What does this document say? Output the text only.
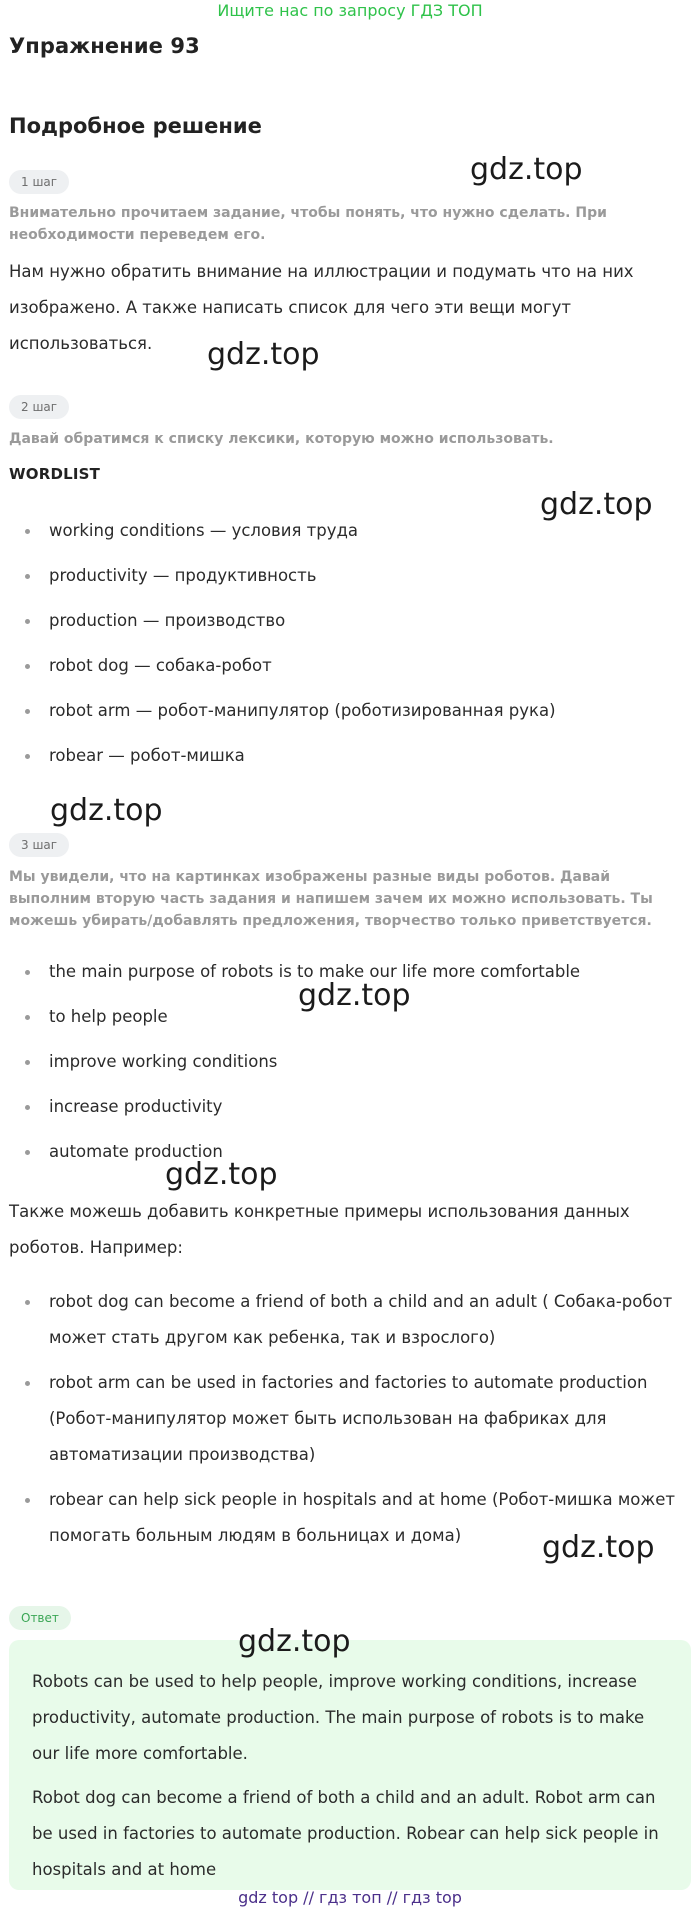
Ищите нас по запросу ГДЗ ТОП
Упражнение 93
Подробное решение
1 шаг
Внимательно прочитаем задание, чтобы понять, что нужно сделать. При необходимости переведем его.
Нам нужно обратить внимание на иллюстрации и подумать что на них изображено. А также написать список для чего эти вещи могут использоваться.
2 шаг
Давай обратимся к списку лексики, которую можно использовать.
WORDLIST
working conditions — условия труда
productivity — продуктивность
production — производство
robot dog — собака-робот
robot arm — робот-манипулятор (роботизированная рука)
robear — робот-мишка
3 шаг
Мы увидели, что на картинках изображены разные виды роботов. Давай выполним вторую часть задания и напишем зачем их можно использовать. Ты можешь убирать/добавлять предложения, творчество только приветствуется.
the main purpose of robots is to make our life more comfortable
to help people
improve working conditions
increase productivity
automate production
Также можешь добавить конкретные примеры использования данных роботов. Например:
robot dog can become a friend of both a child and an adult ( Собака-робот может стать другом как ребенка, так и взрослого)
robot arm can be used in factories and factories to automate production (Робот-манипулятор может быть использован на фабриках для автоматизации производства)
robear can help sick people in hospitals and at home (Робот-мишка может помогать больным людям в больницах и дома)
Ответ
Robots can be used to help people, improve working conditions, increase productivity, automate production. The main purpose of robots is to make our life more comfortable.
Robot dog can become a friend of both a child and an adult. Robot arm can be used in factories to automate production. Robear can help sick people in hospitals and at home
gdz.top
gdz.top
gdz.top
gdz.top
gdz.top
gdz.top
gdz.top
gdz.top
gdz top // гдз топ // гдз top
